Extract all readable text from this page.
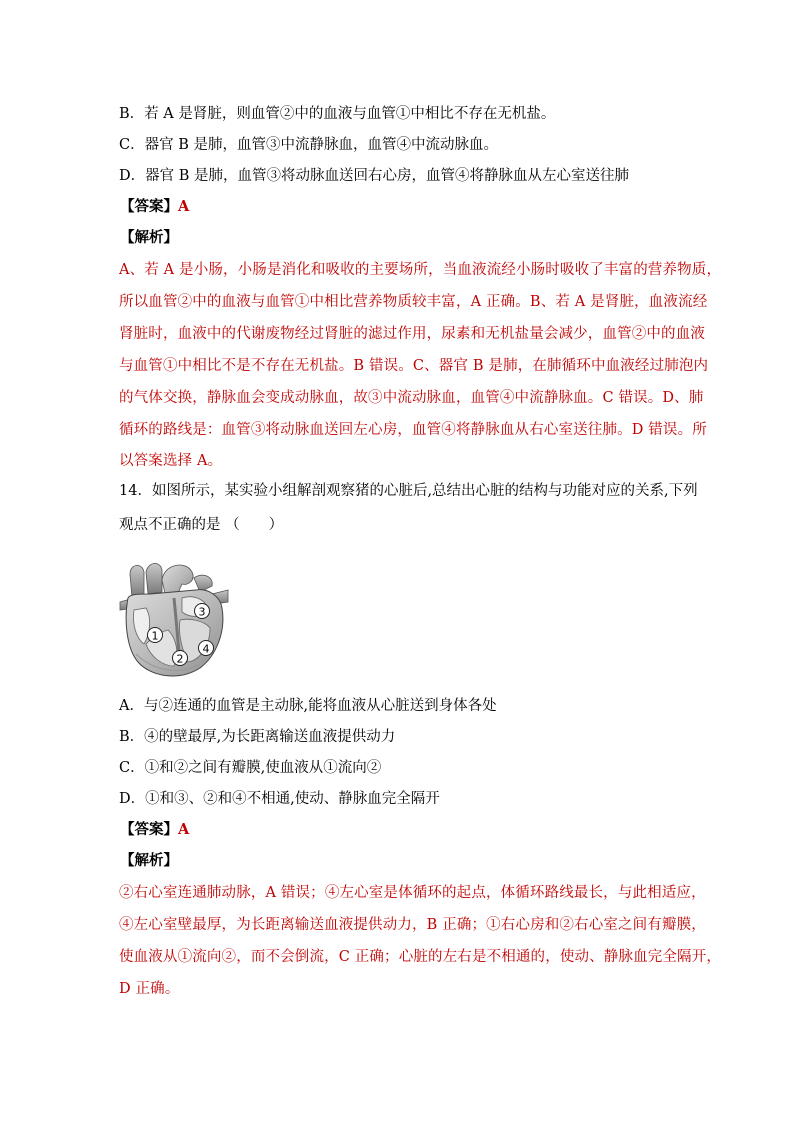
B．若 A 是肾脏，则血管②中的血液与血管①中相比不存在无机盐。
C．器官 B 是肺，血管③中流静脉血，血管④中流动脉血。
D．器官 B 是肺，血管③将动脉血送回右心房，血管④将静脉血从左心室送往肺
【答案】A
【解析】
A、若 A 是小肠，小肠是消化和吸收的主要场所，当血液流经小肠时吸收了丰富的营养物质，
所以血管②中的血液与血管①中相比营养物质较丰富，A 正确。B、若 A 是肾脏，血液流经
肾脏时，血液中的代谢废物经过肾脏的滤过作用，尿素和无机盐量会减少，血管②中的血液
与血管①中相比不是不存在无机盐。B 错误。C、器官 B 是肺，在肺循环中血液经过肺泡内
的气体交换，静脉血会变成动脉血，故③中流动脉血，血管④中流静脉血。C 错误。D、肺
循环的路线是：血管③将动脉血送回左心房，血管④将静脉血从右心室送往肺。D 错误。所
以答案选择 A。
14．如图所示，某实验小组解剖观察猪的心脏后,总结出心脏的结构与功能对应的关系,下列
观点不正确的是 （　　）
1
2
3
4
A．与②连通的血管是主动脉,能将血液从心脏送到身体各处
B．④的壁最厚,为长距离输送血液提供动力
C．①和②之间有瓣膜,使血液从①流向②
D．①和③、②和④不相通,使动、静脉血完全隔开
【答案】A
【解析】
②右心室连通肺动脉，A 错误；④左心室是体循环的起点，体循环路线最长，与此相适应，
④左心室壁最厚，为长距离输送血液提供动力，B 正确；①右心房和②右心室之间有瓣膜，
使血液从①流向②，而不会倒流，C 正确；心脏的左右是不相通的，使动、静脉血完全隔开，
D 正确。
